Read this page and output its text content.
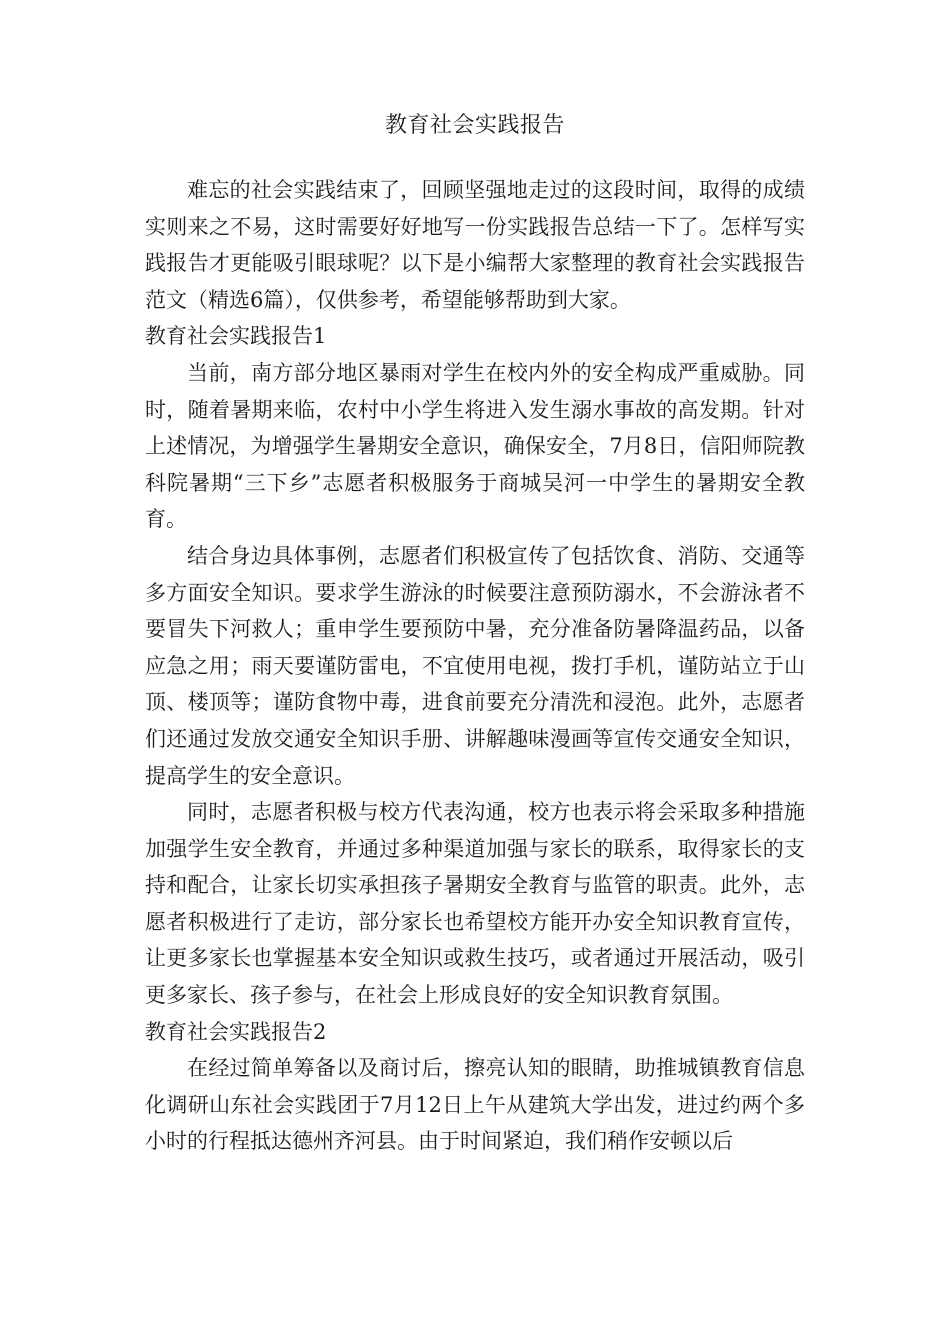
教育社会实践报告

难忘的社会实践结束了，回顾坚强地走过的这段时间，取得的成绩实则来之不易，这时需要好好地写一份实践报告总结一下了。怎样写实践报告才更能吸引眼球呢？以下是小编帮大家整理的教育社会实践报告范文（精选6篇），仅供参考，希望能够帮助到大家。

教育社会实践报告1

当前，南方部分地区暴雨对学生在校内外的安全构成严重威胁。同时，随着暑期来临，农村中小学生将进入发生溺水事故的高发期。针对上述情况，为增强学生暑期安全意识，确保安全，7月8日，信阳师院教科院暑期“三下乡”志愿者积极服务于商城吴河一中学生的暑期安全教育。

结合身边具体事例，志愿者们积极宣传了包括饮食、消防、交通等多方面安全知识。要求学生游泳的时候要注意预防溺水，不会游泳者不要冒失下河救人；重申学生要预防中暑，充分准备防暑降温药品，以备应急之用；雨天要谨防雷电，不宜使用电视，拨打手机，谨防站立于山顶、楼顶等；谨防食物中毒，进食前要充分清洗和浸泡。此外，志愿者们还通过发放交通安全知识手册、讲解趣味漫画等宣传交通安全知识，提高学生的安全意识。

同时，志愿者积极与校方代表沟通，校方也表示将会采取多种措施加强学生安全教育，并通过多种渠道加强与家长的联系，取得家长的支持和配合，让家长切实承担孩子暑期安全教育与监管的职责。此外，志愿者积极进行了走访，部分家长也希望校方能开办安全知识教育宣传，让更多家长也掌握基本安全知识或救生技巧，或者通过开展活动，吸引更多家长、孩子参与，在社会上形成良好的安全知识教育氛围。

教育社会实践报告2

在经过简单筹备以及商讨后，擦亮认知的眼睛，助推城镇教育信息化调研山东社会实践团于7月12日上午从建筑大学出发，进过约两个多小时的行程抵达德州齐河县。由于时间紧迫，我们稍作安顿以后
